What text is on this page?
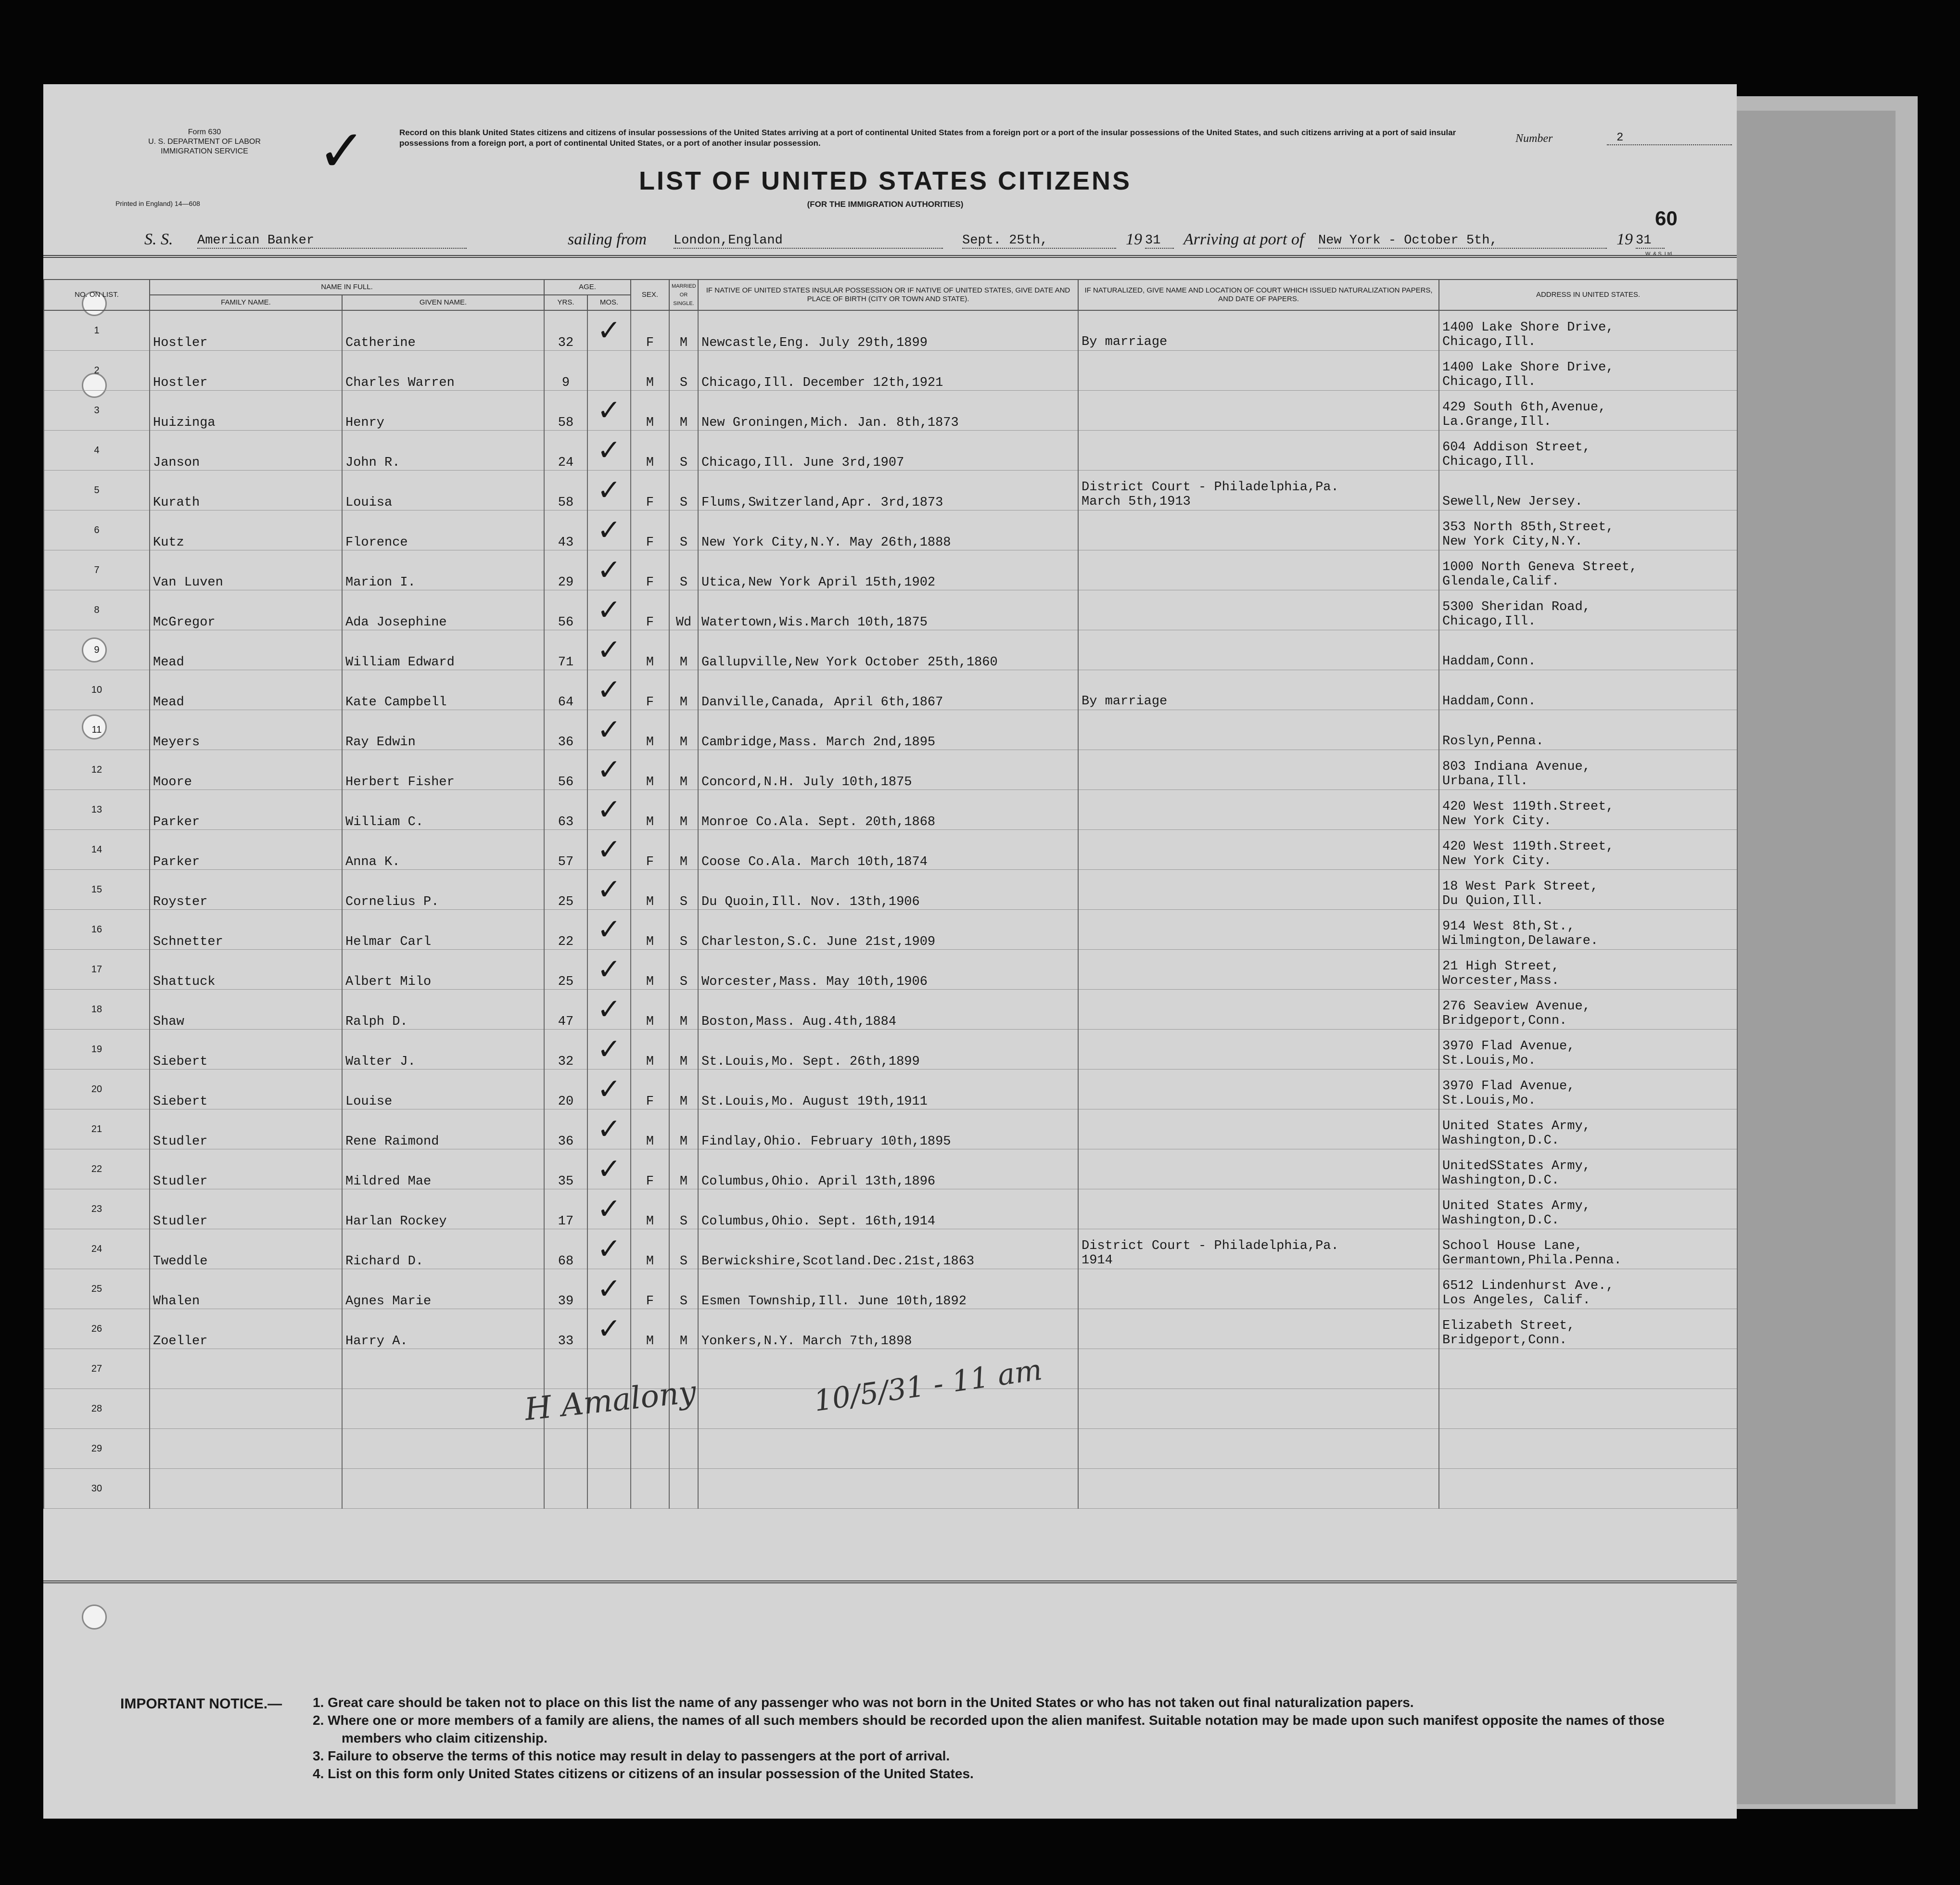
Form 630
U. S. DEPARTMENT OF LABOR
IMMIGRATION SERVICE
Printed in England) 14—608
✓	Record on this blank United States citizens and citizens of insular possessions of the United States arriving at a port of continental United States from a foreign port or a port of the insular possessions of the United States, and such citizens arriving at a port of said insular possessions from a foreign port, a port of continental United States, or a port of another insular possession.	Number	2
LIST OF UNITED STATES CITIZENS
(FOR THE IMMIGRATION AUTHORITIES)
60
S. S. American Banker	sailing from London,England	Sept. 25th,	19 31	Arriving at port of New York - October 5th,	19 31
W. & S. Ltd.
NO. ON LIST.	NAME IN FULL.		AGE.		SEX.	MARRIED OR SINGLE.	IF NATIVE OF UNITED STATES INSULAR POSSESSION OR IF NATIVE OF UNITED STATES, GIVE DATE AND PLACE OF BIRTH (CITY OR TOWN AND STATE).	IF NATURALIZED, GIVE NAME AND LOCATION OF COURT WHICH ISSUED NATURALIZATION PAPERS, AND DATE OF PAPERS.	ADDRESS IN UNITED STATES.
	FAMILY NAME.	GIVEN NAME.	YRS.	MOS.					
1	Hostler	Catherine	32	✓	F	M	Newcastle,Eng. July 29th,1899	By marriage	1400 Lake Shore Drive,
Chicago,Ill.

2	Hostler	Charles Warren	9		M	S	Chicago,Ill. December 12th,1921		1400 Lake Shore Drive,
Chicago,Ill.

3	Huizinga	Henry	58	✓	M	M	New Groningen,Mich. Jan. 8th,1873		429 South 6th,Avenue,
La.Grange,Ill.

4	Janson	John R.	24	✓	M	S	Chicago,Ill. June 3rd,1907		604 Addison Street,
Chicago,Ill.

5	Kurath	Louisa	58	✓	F	S	Flums,Switzerland,Apr. 3rd,1873	District Court - Philadelphia,Pa.
March 5th,1913	Sewell,New Jersey.

6	Kutz	Florence	43	✓	F	S	New York City,N.Y. May 26th,1888		353 North 85th,Street,
New York City,N.Y.

7	Van Luven	Marion I.	29	✓	F	S	Utica,New York April 15th,1902		1000 North Geneva Street,
Glendale,Calif.

8	McGregor	Ada Josephine	56	✓	F	Wd	Watertown,Wis.March 10th,1875		5300 Sheridan Road,
Chicago,Ill.

9	Mead	William Edward	71	✓	M	M	Gallupville,New York October 25th,1860		Haddam,Conn.

10	Mead	Kate Campbell	64	✓	F	M	Danville,Canada, April 6th,1867	By marriage	Haddam,Conn.

11	Meyers	Ray Edwin	36	✓	M	M	Cambridge,Mass. March 2nd,1895		Roslyn,Penna.

12	Moore	Herbert Fisher	56	✓	M	M	Concord,N.H. July 10th,1875		803 Indiana Avenue,
Urbana,Ill.

13	Parker	William C.	63	✓	M	M	Monroe Co.Ala. Sept. 20th,1868		420 West 119th.Street,
New York City.

14	Parker	Anna K.	57	✓	F	M	Coose Co.Ala. March 10th,1874		420 West 119th.Street,
New York City.

15	Royster	Cornelius P.	25	✓	M	S	Du Quoin,Ill. Nov. 13th,1906		18 West Park Street,
Du Quion,Ill.

16	Schnetter	Helmar Carl	22	✓	M	S	Charleston,S.C. June 21st,1909		914 West 8th,St.,
Wilmington,Delaware.

17	Shattuck	Albert Milo	25	✓	M	S	Worcester,Mass. May 10th,1906		21 High Street,
Worcester,Mass.

18	Shaw	Ralph D.	47	✓	M	M	Boston,Mass. Aug.4th,1884		276 Seaview Avenue,
Bridgeport,Conn.

19	Siebert	Walter J.	32	✓	M	M	St.Louis,Mo. Sept. 26th,1899		3970 Flad Avenue,
St.Louis,Mo.

20	Siebert	Louise	20	✓	F	M	St.Louis,Mo. August 19th,1911		3970 Flad Avenue,
St.Louis,Mo.

21	Studler	Rene Raimond	36	✓	M	M	Findlay,Ohio. February 10th,1895		United States Army,
Washington,D.C.

22	Studler	Mildred Mae	35	✓	F	M	Columbus,Ohio. April 13th,1896		UnitedSStates Army,
Washington,D.C.

23	Studler	Harlan Rockey	17	✓	M	S	Columbus,Ohio. Sept. 16th,1914		United States Army,
Washington,D.C.

24	Tweddle	Richard D.	68	✓	M	S	Berwickshire,Scotland.Dec.21st,1863	District Court - Philadelphia,Pa.
1914	School House Lane,
Germantown,Phila.Penna.

25	Whalen	Agnes Marie	39	✓	F	S	Esmen Township,Ill. June 10th,1892		6512 Lindenhurst Ave.,
Los Angeles, Calif.

26	Zoeller	Harry A.	33	✓	M	M	Yonkers,N.Y. March 7th,1898		Elizabeth Street,
Bridgeport,Conn.

27								

28								

29								

30								

H Amalony	10/5/31 - 11 am
IMPORTANT NOTICE.— 1. Great care should be taken not to place on this list the name of any passenger who was not born in the United States or who has not taken out final naturalization papers.
2. Where one or more members of a family are aliens, the names of all such members should be recorded upon the alien manifest. Suitable notation may be made upon such manifest opposite the names of those members who claim citizenship.
3. Failure to observe the terms of this notice may result in delay to passengers at the port of arrival.
4. List on this form only United States citizens or citizens of an insular possession of the United States.
